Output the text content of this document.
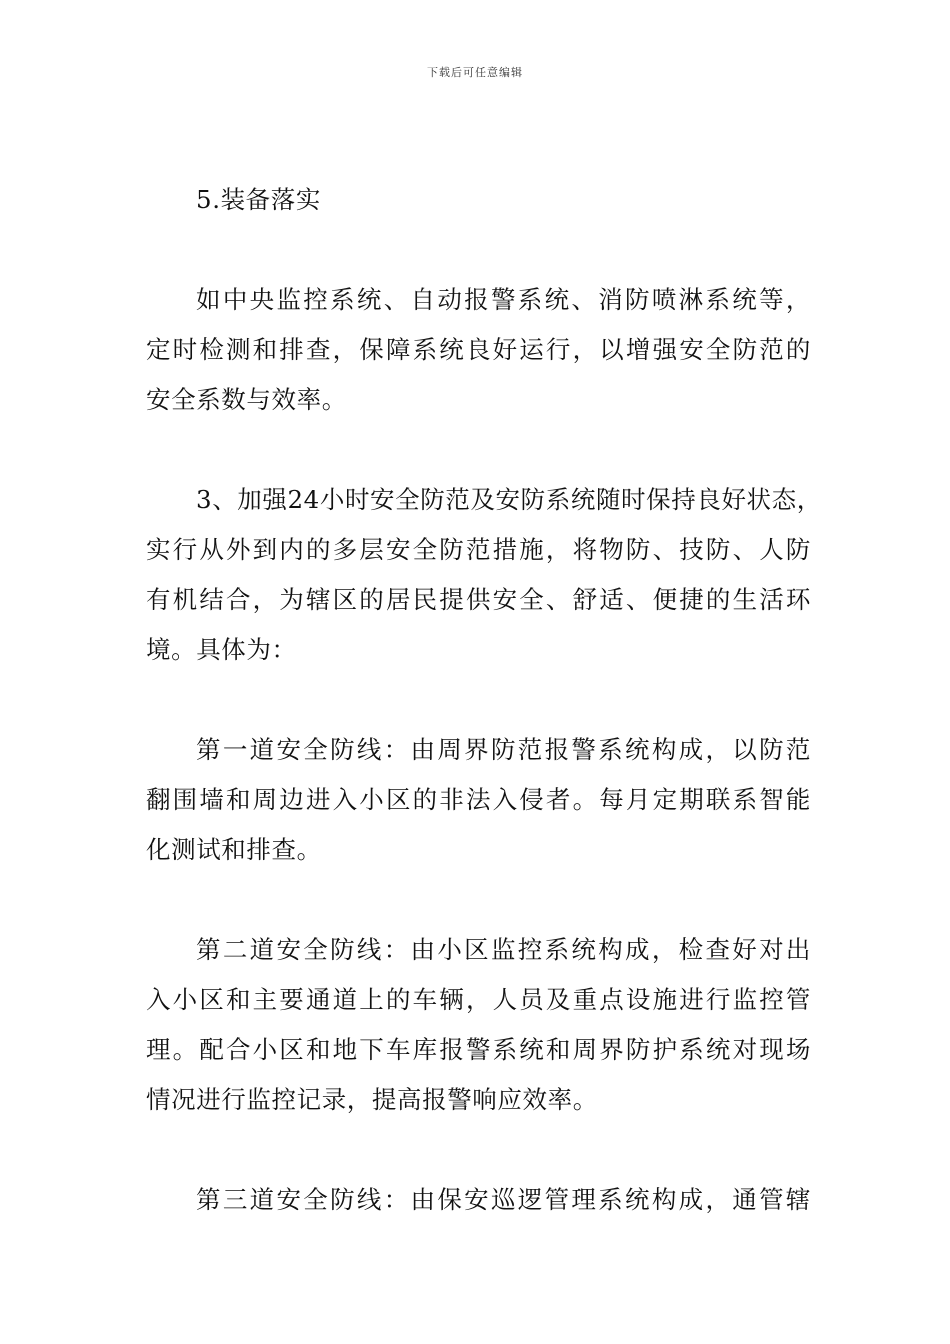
下载后可任意编辑
5.装备落实
如中央监控系统、自动报警系统、消防喷淋系统等，
定时检测和排查，保障系统良好运行，以增强安全防范的
安全系数与效率。
3、加强24小时安全防范及安防系统随时保持良好状态，
实行从外到内的多层安全防范措施，将物防、技防、人防
有机结合，为辖区的居民提供安全、舒适、便捷的生活环
境。具体为：
第一道安全防线：由周界防范报警系统构成，以防范
翻围墙和周边进入小区的非法入侵者。每月定期联系智能
化测试和排查。
第二道安全防线：由小区监控系统构成，检查好对出
入小区和主要通道上的车辆，人员及重点设施进行监控管
理。配合小区和地下车库报警系统和周界防护系统对现场
情况进行监控记录，提高报警响应效率。
第三道安全防线：由保安巡逻管理系统构成，通管辖
